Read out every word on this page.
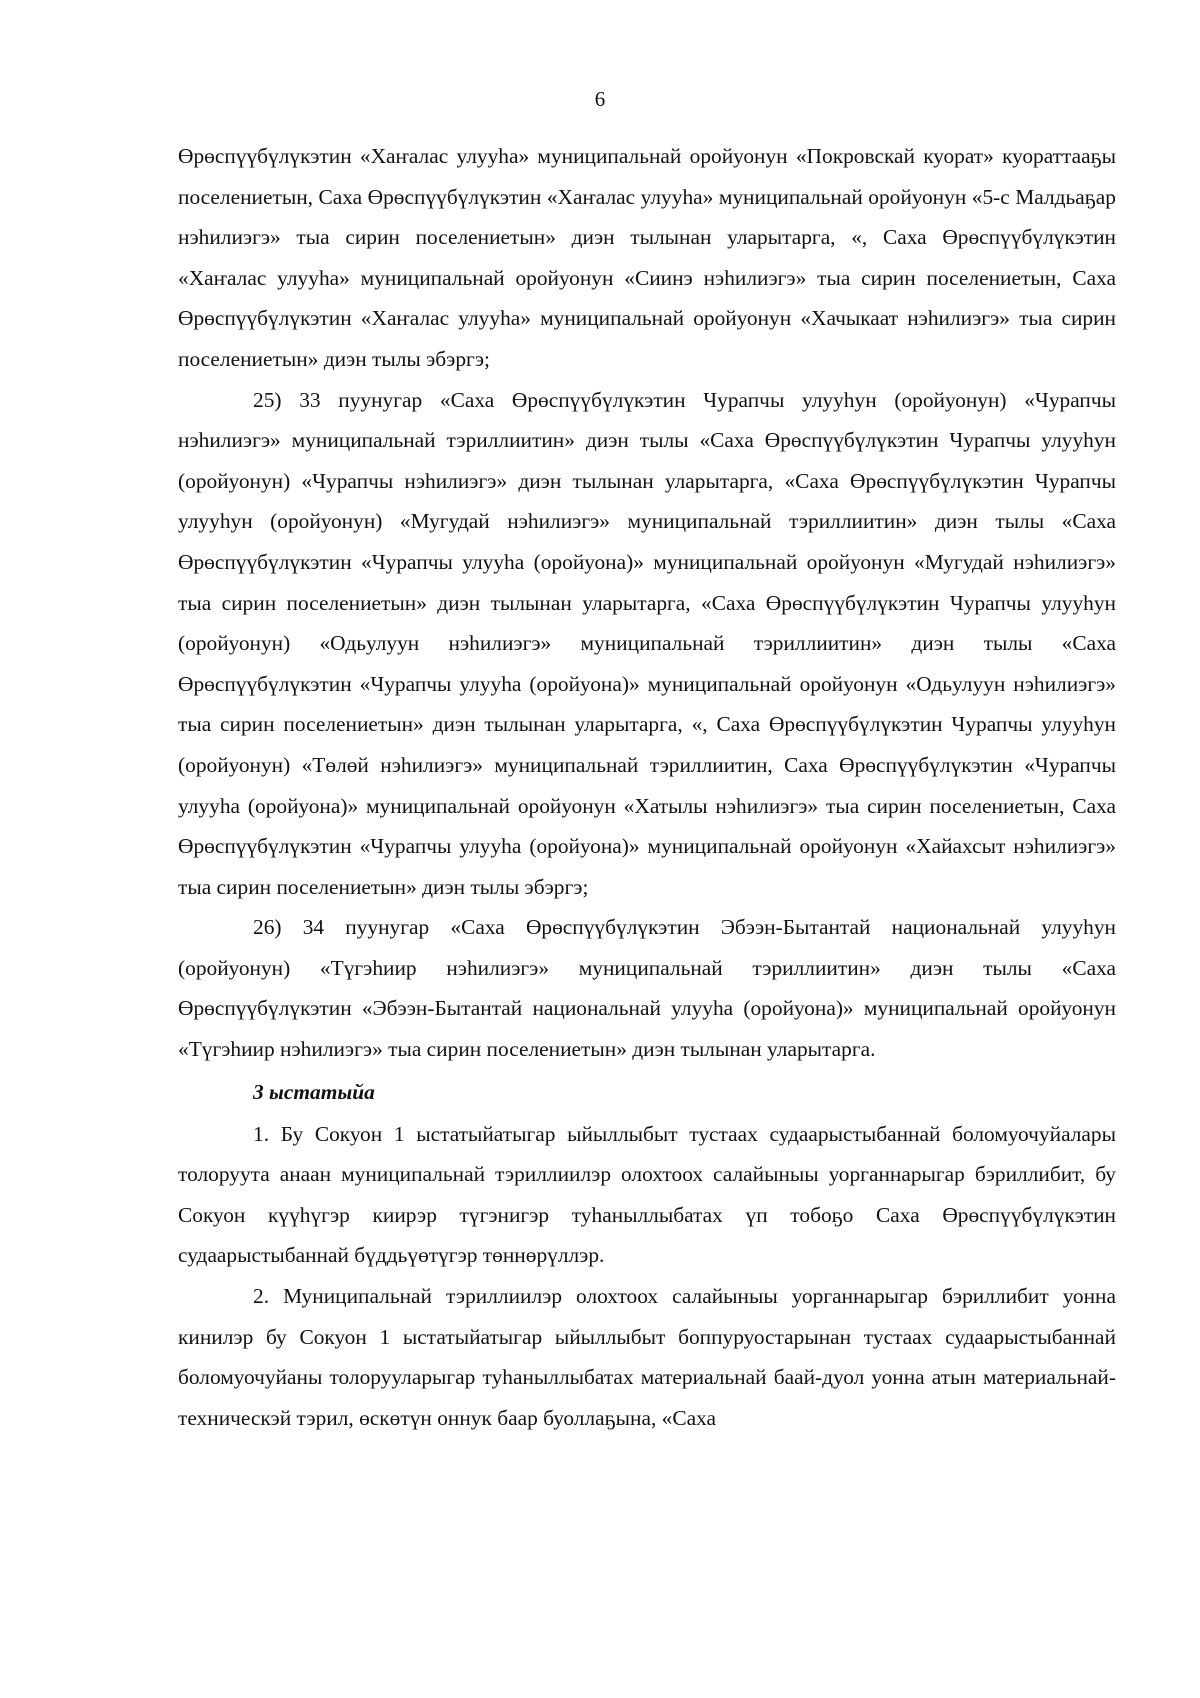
6

Өрөспүүбүлүкэтин «Хаҥалас улууһа» муниципальнай оройуонун «Покровскай куорат» куораттааҕы поселениетын, Саха Өрөспүүбүлүкэтин «Хаҥалас улууһа» муниципальнай оройуонун «5-с Малдьаҕар нэһилиэгэ» тыа сирин поселениетын» диэн тылынан уларытарга, «, Саха Өрөспүүбүлүкэтин «Хаҥалас улууһа» муниципальнай оройуонун «Сиинэ нэһилиэгэ» тыа сирин поселениетын, Саха Өрөспүүбүлүкэтин «Хаҥалас улууһа» муниципальнай оройуонун «Хачыкаат нэһилиэгэ» тыа сирин поселениетын» диэн тылы эбэргэ;

25) 33 пуунугар «Саха Өрөспүүбүлүкэтин Чурапчы улууһун (оройуонун) «Чурапчы нэһилиэгэ» муниципальнай тэриллиитин» диэн тылы «Саха Өрөспүүбүлүкэтин Чурапчы улууһун (оройуонун) «Чурапчы нэһилиэгэ» диэн тылынан уларытарга, «Саха Өрөспүүбүлүкэтин Чурапчы улууһун (оройуонун) «Мугудай нэһилиэгэ» муниципальнай тэриллиитин» диэн тылы «Саха Өрөспүүбүлүкэтин «Чурапчы улууһа (оройуона)» муниципальнай оройуонун «Мугудай нэһилиэгэ» тыа сирин поселениетын» диэн тылынан уларытарга, «Саха Өрөспүүбүлүкэтин Чурапчы улууһун (оройуонун) «Одьулуун нэһилиэгэ» муниципальнай тэриллиитин» диэн тылы «Саха Өрөспүүбүлүкэтин «Чурапчы улууһа (оройуона)» муниципальнай оройуонун «Одьулуун нэһилиэгэ» тыа сирин поселениетын» диэн тылынан уларытарга, «, Саха Өрөспүүбүлүкэтин Чурапчы улууһун (оройуонун) «Төлөй нэһилиэгэ» муниципальнай тэриллиитин, Саха Өрөспүүбүлүкэтин «Чурапчы улууһа (оройуона)» муниципальнай оройуонун «Хатылы нэһилиэгэ» тыа сирин поселениетын, Саха Өрөспүүбүлүкэтин «Чурапчы улууһа (оройуона)» муниципальнай оройуонун «Хайахсыт нэһилиэгэ» тыа сирин поселениетын» диэн тылы эбэргэ;

26) 34 пуунугар «Саха Өрөспүүбүлүкэтин Эбээн-Бытантай национальнай улууһун (оройуонун) «Түгэһиир нэһилиэгэ» муниципальнай тэриллиитин» диэн тылы «Саха Өрөспүүбүлүкэтин «Эбээн-Бытантай национальнай улууһа (оройуона)» муниципальнай оройуонун «Түгэһиир нэһилиэгэ» тыа сирин поселениетын» диэн тылынан уларытарга.

3 ыстатыйа

1. Бу Сокуон 1 ыстатыйатыгар ыйыллыбыт тустаах судаарыстыбаннай боломуочуйалары толоруута анаан муниципальнай тэриллиилэр олохтоох салайыныы уорганнарыгар бэриллибит, бу Сокуон күүһүгэр киирэр түгэнигэр туһаныллыбатах үп тобоҕо Саха Өрөспүүбүлүкэтин судаарыстыбаннай бүддьүөтүгэр төннөрүллэр.

2. Муниципальнай тэриллиилэр олохтоох салайыныы уорганнарыгар бэриллибит уонна кинилэр бу Сокуон 1 ыстатыйатыгар ыйыллыбыт боппуруостарынан тустаах судаарыстыбаннай боломуочуйаны толорууларыгар туһаныллыбатах материальнай баай-дуол уонна атын материальнай-техническэй тэрил, өскөтүн оннук баар буоллаҕына, «Саха
